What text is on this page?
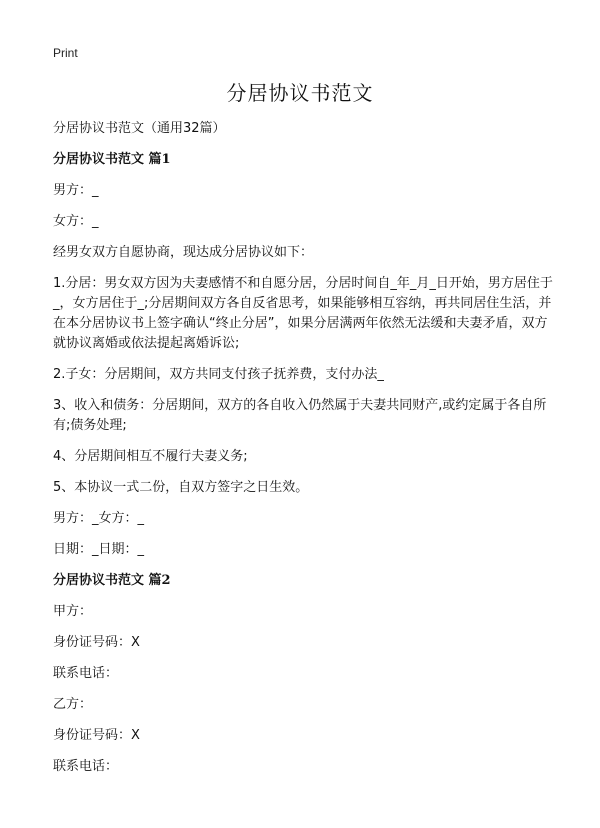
Print
分居协议书范文

分居协议书范文（通用32篇）

分居协议书范文 篇1

男方：_

女方：_

经男女双方自愿协商，现达成分居协议如下：

1.分居：男女双方因为夫妻感情不和自愿分居，分居时间自_年_月_日开始，男方居住于_，女方居住于_;分居期间双方各自反省思考，如果能够相互容纳，再共同居住生活，并在本分居协议书上签字确认“终止分居”，如果分居满两年依然无法缓和夫妻矛盾，双方就协议离婚或依法提起离婚诉讼;

2.子女：分居期间，双方共同支付孩子抚养费，支付办法_

3、收入和债务：分居期间，双方的各自收入仍然属于夫妻共同财产,或约定属于各自所有;债务处理;

4、分居期间相互不履行夫妻义务;

5、本协议一式二份，自双方签字之日生效。

男方：_女方：_

日期：_日期：_

分居协议书范文 篇2

甲方：

身份证号码：X

联系电话：

乙方：

身份证号码：X

联系电话：
